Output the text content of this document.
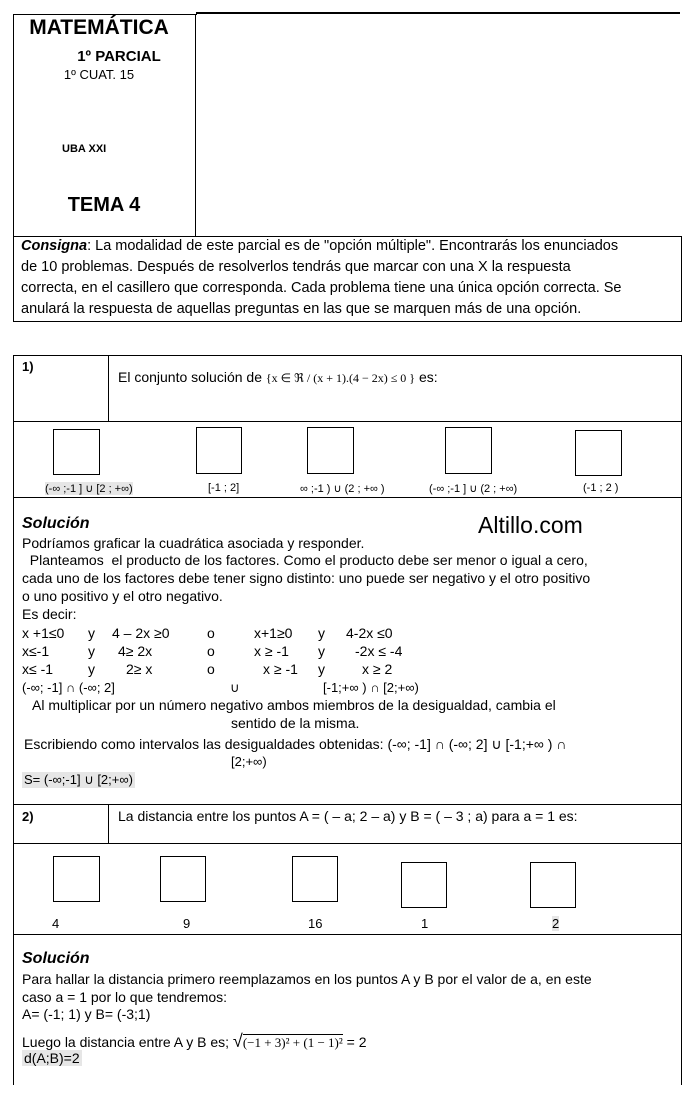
MATEMÁTICA
1º PARCIAL
1º CUAT. 15
UBA XXI
TEMA 4
Consigna: La modalidad de este parcial es de "opción múltiple". Encontrarás los enunciados
de 10 problemas. Después de resolverlos tendrás que marcar con una X la respuesta
correcta, en el casillero que corresponda. Cada problema tiene una única opción correcta. Se
anulará la respuesta de aquellas preguntas en las que se marquen más de una opción.
1)
El conjunto solución de {x ∈ ℜ / (x + 1).(4 − 2x) ≤ 0 } es:
(-∞ ;-1 ] ∪ [2 ; +∞)	[-1 ; 2]	∞ ;-1 ) ∪ (2 ; +∞ )	(-∞ ;-1 ] ∪ (2 ; +∞)	(-1 ; 2 )
Solución	Altillo.com
Podríamos graficar la cuadrática asociada y responder.
Planteamos  el producto de los factores. Como el producto debe ser menor o igual a cero,
cada uno de los factores debe tener signo distinto: uno puede ser negativo y el otro positivo
o uno positivo y el otro negativo.
Es decir:
x +1≤0 y 4 – 2x ≥0	o	x+1≥0 y 4-2x ≤0
x≤-1	y 4≥ 2x	o	x ≥ -1 y -2x ≤ -4
x≤ -1 y 2≥ x	o	x ≥ -1 y	x ≥ 2
(-∞; -1] ∩ (-∞; 2]	∪	[-1;+∞ ) ∩ [2;+∞)
Al multiplicar por un número negativo ambos miembros de la desigualdad, cambia el
sentido de la misma.
Escribiendo como intervalos las desigualdades obtenidas: (-∞; -1] ∩ (-∞; 2] ∪ [-1;+∞ ) ∩
[2;+∞)
S= (-∞;-1] ∪ [2;+∞)
2)	La distancia entre los puntos A = ( – a; 2 – a) y B = ( – 3 ; a) para a = 1 es:
4	9	16	1	2
Solución
Para hallar la distancia primero reemplazamos en los puntos A y B por el valor de a, en este
caso a = 1 por lo que tendremos:
A= (-1; 1) y B= (-3;1)
Luego la distancia entre A y B es; √(−1 + 3)² + (1 − 1)² = 2
d(A;B)=2
